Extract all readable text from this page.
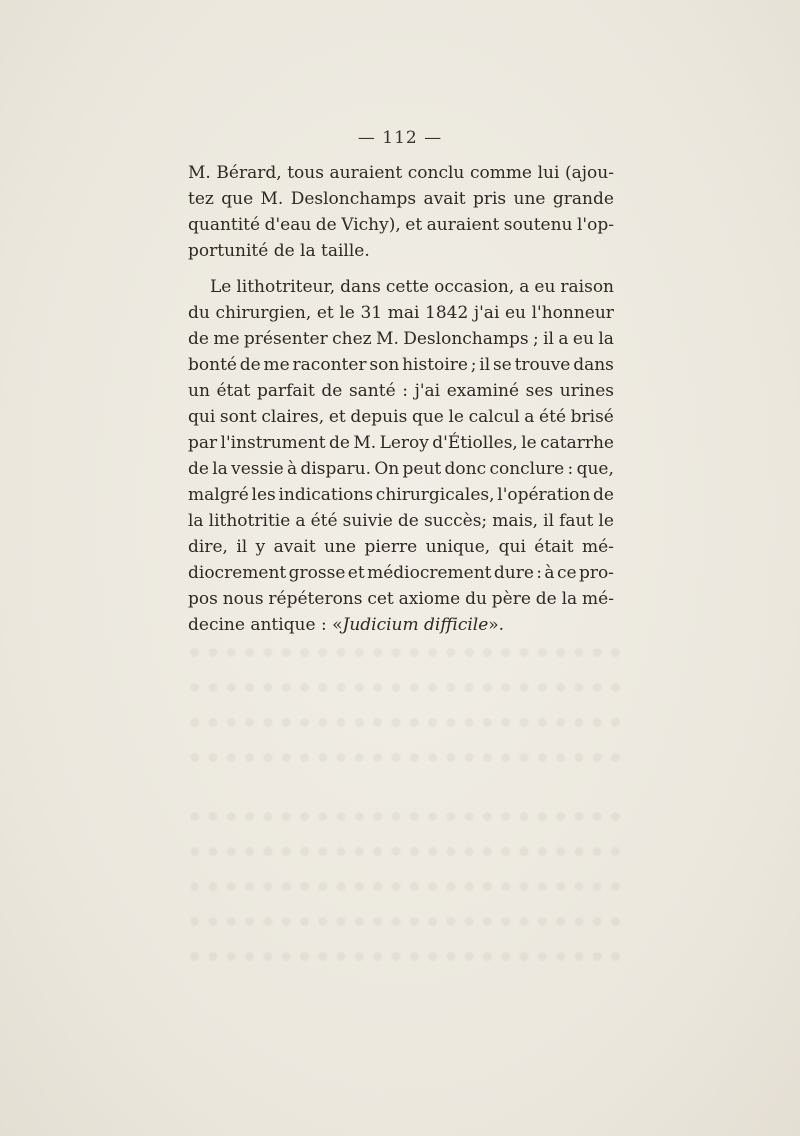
— 112 —
M. Bérard, tous auraient conclu comme lui (ajou-
tez que M. Deslonchamps avait pris une grande
quantité d'eau de Vichy), et auraient soutenu l'op-
portunité de la taille.
Le lithotriteur, dans cette occasion, a eu raison
du chirurgien, et le 31 mai 1842 j'ai eu l'honneur
de me présenter chez M. Deslonchamps ; il a eu la
bonté de me raconter son histoire ; il se trouve dans
un état parfait de santé : j'ai examiné ses urines
qui sont claires, et depuis que le calcul a été brisé
par l'instrument de M. Leroy d'Étiolles, le catarrhe
de la vessie à disparu. On peut donc conclure : que,
malgré les indications chirurgicales, l'opération de
la lithotritie a été suivie de succès; mais, il faut le
dire, il y avait une pierre unique, qui était mé-
diocrement grosse et médiocrement dure : à ce pro-
pos nous répéterons cet axiome du père de la mé-
decine antique : « Judicium difficile ».
